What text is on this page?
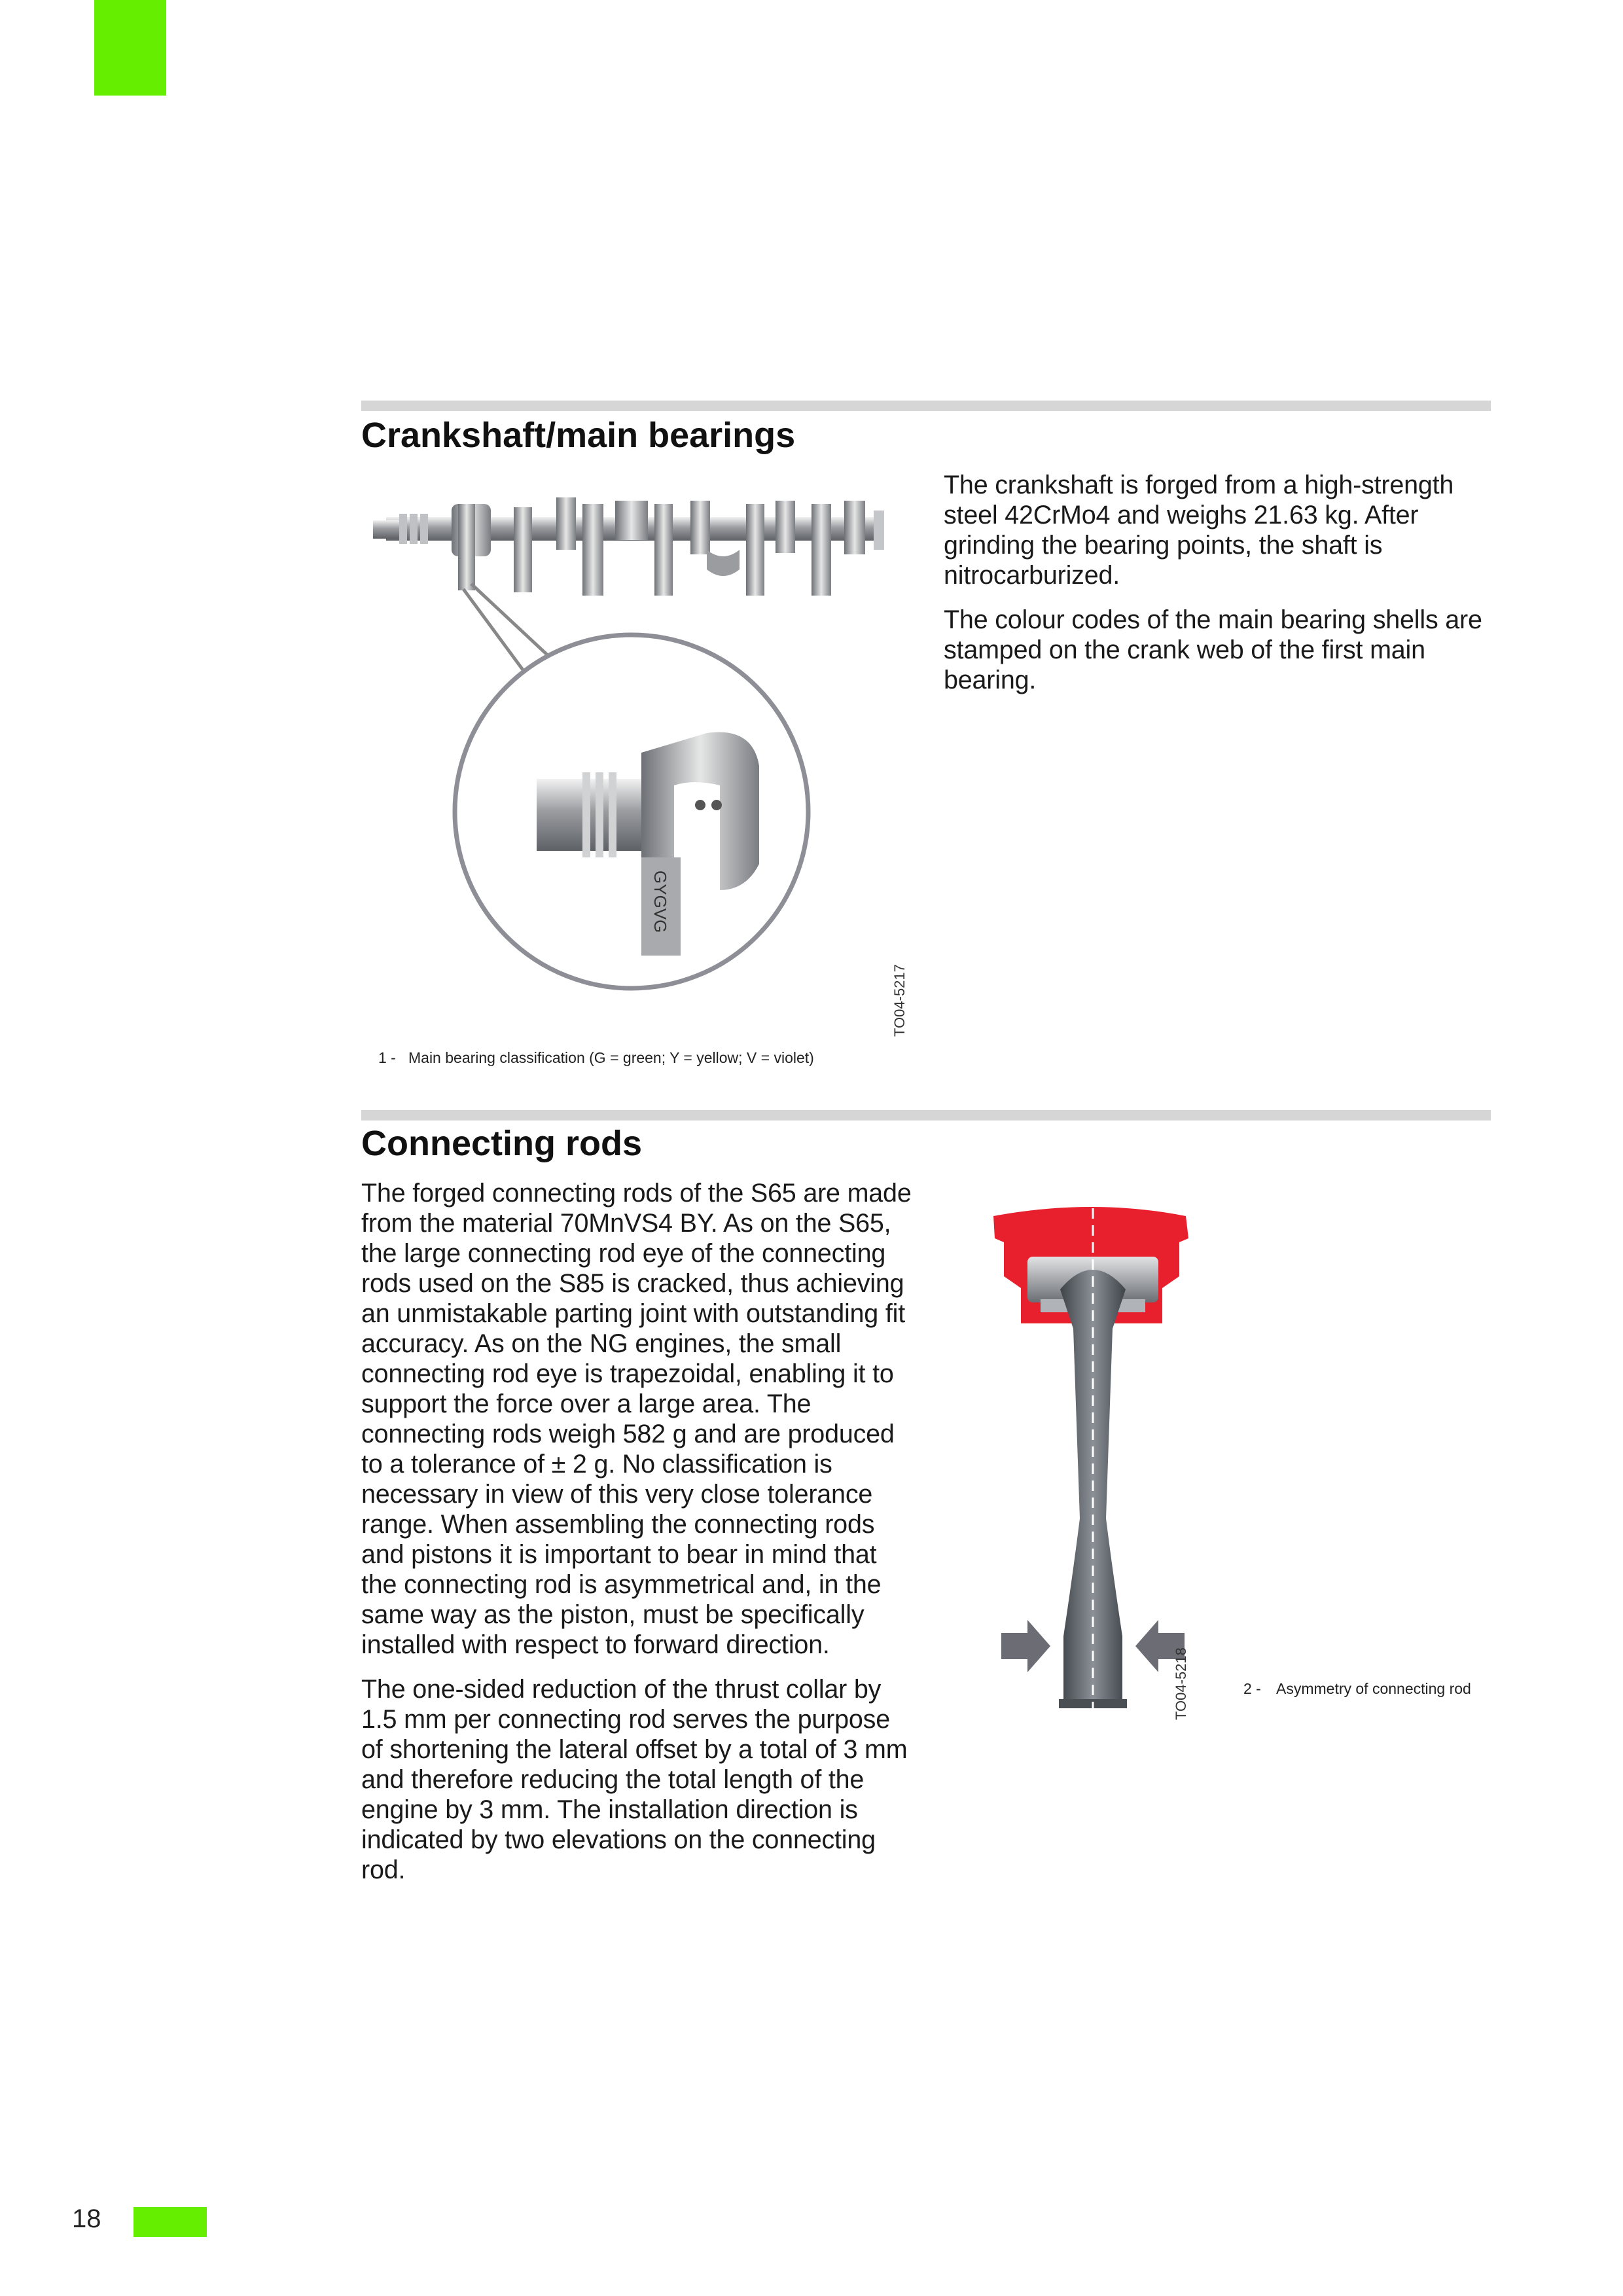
Crankshaft/main bearings

The crankshaft is forged from a high-strength steel 42CrMo4 and weighs 21.63 kg. After grinding the bearing points, the shaft is nitrocarburized.

The colour codes of the main bearing shells are stamped on the crank web of the first main bearing.

GYGVG
TO04-5217
1 - Main bearing classification (G = green; Y = yellow; V = violet)
Connecting rods

The forged connecting rods of the S65 are made from the material 70MnVS4 BY. As on the S65, the large connecting rod eye of the connecting rods used on the S85 is cracked, thus achieving an unmistakable parting joint with outstanding fit accuracy. As on the NG engines, the small connecting rod eye is trapezoidal, enabling it to support the force over a large area. The connecting rods weigh 582 g and are produced to a tolerance of ± 2 g. No classification is necessary in view of this very close tolerance range. When assembling the connecting rods and pistons it is important to bear in mind that the connecting rod is asymmetrical and, in the same way as the piston, must be specifically installed with respect to forward direction.

The one-sided reduction of the thrust collar by 1.5 mm per connecting rod serves the purpose of shortening the lateral offset by a total of 3 mm and therefore reducing the total length of the engine by 3 mm. The installation direction is indicated by two elevations on the connecting rod.

TO04-5218	2 - Asymmetry of connecting rod
18
